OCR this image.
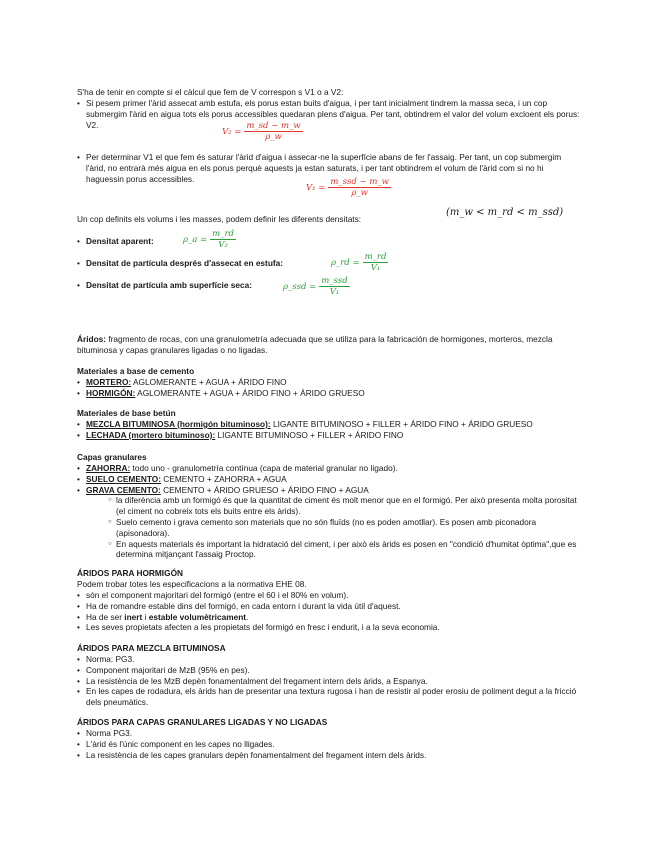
S'ha de tenir en compte si el càlcul que fem de V correspon s V1 o a V2:

• Si pesem primer l'àrid assecat amb estufa, els porus estan buits d'aigua, i per tant inicialment tindrem la massa seca, i un cop submergim l'àrid en aigua tots els porus accessibles quedaran plens d'aigua. Per tant, obtindrem el valor del volum excloent els porus: V2.
• Per determinar V1 el que fem és saturar l'àrid d'aigua i assecar-ne la superfície abans de fer l'assaig. Per tant, un cop submergim l'àrid, no entrarà més aigua en els porus perquè aquests ja estan saturats, i per tant obtindrem el volum de l'àrid com si no hi haguessin porus accessibles.
$V_2 = \frac{m\_sd - m\_w}{\rho\_w}$
$V_1 = \frac{\text{m\_ssd − m\_w}}{\rho\_w}$

Un cop definits els volums i les masses, podem definir les diferents densitats:

(m_w < m_rd < m_ssd)
• Densitat aparent:	ρ_a = $\frac{m\_rd}{\text{V₂}}$
• Densitat de partícula després d'assecat en estufa:	ρ_rd = $\frac{m\_rd}{\text{V₁}}$
• Densitat de partícula amb superfície seca:	ρ_ssd = $\frac{\text{m\_ssd}}{\text{V₁}}$

Áridos: fragmento de rocas, con una granulometría adecuada que se utiliza para la fabricación de hormigones, morteros, mezcla bituminosa y capas granulares ligadas o no ligadas.

Materiales a base de cemento
• MORTERO: AGLOMERANTE + AGUA + ÁRIDO FINO
• HORMIGÓN: AGLOMERANTE + AGUA + ÁRIDO FINO + ÁRIDO GRUESO
Materiales de base betún
• MEZCLA BITUMINOSA (hormigón bituminoso): LIGANTE BITUMINOSO + FILLER + ÁRIDO FINO + ÁRIDO GRUESO
• LECHADA (mortero bituminoso): LIGANTE BITUMINOSO + FILLER + ÁRIDO FINO
Capas granulares
• ZAHORRA: todo uno - granulometría contínua (capa de material granular no ligado).
• SUELO CEMENTO: CEMENTO + ZAHORRA + AGUA
• GRAVA CEMENTO: CEMENTO + ÁRIDO GRUESO + ÁRIDO FINO + AGUA
○ la diferència amb un formigó és que la quantitat de ciment és molt menor que en el formigó. Per això presenta molta porositat (el ciment no cobreix tots els buits entre els àrids).
○ Suelo cemento i grava cemento son materials que no són fluïds (no es poden amotllar). Es posen amb piconadora (apisonadora).
○ En aquests materials és important la hidratació del ciment, i per això els àrids es posen en "condició d'humitat òptima",que es determina mitjançant l'assaig Proctop.
ÁRIDOS PARA HORMIGÓN

Podem trobar totes les especificacions a la normativa EHE 08.

• són el component majoritari del formigó (entre el 60 i el 80% en volum).
• Ha de romandre estable dins del formigó, en cada entorn i durant la vida útil d'aquest.
• Ha de ser inert i estable volumètricament.
• Les seves propietats afecten a les propietats del formigó en fresc i endurit, i a la seva economia.
ÁRIDOS PARA MEZCLA BITUMINOSA
• Norma: PG3.
• Component majoritari de MzB (95% en pes).
• La resistència de les MzB depèn fonamentalment del fregament intern dels àrids, a Espanya.
• En les capes de rodadura, els àrids han de presentar una textura rugosa i han de resistir al poder erosiu de poliment degut a la fricció dels pneumàtics.
ÁRIDOS PARA CAPAS GRANULARES LIGADAS Y NO LIGADAS
• Norma PG3.
• L'àrid és l'únic component en les capes no lligades.
• La resistència de les capes granulars depèn fonamentalment del fregament intern dels àrids.
